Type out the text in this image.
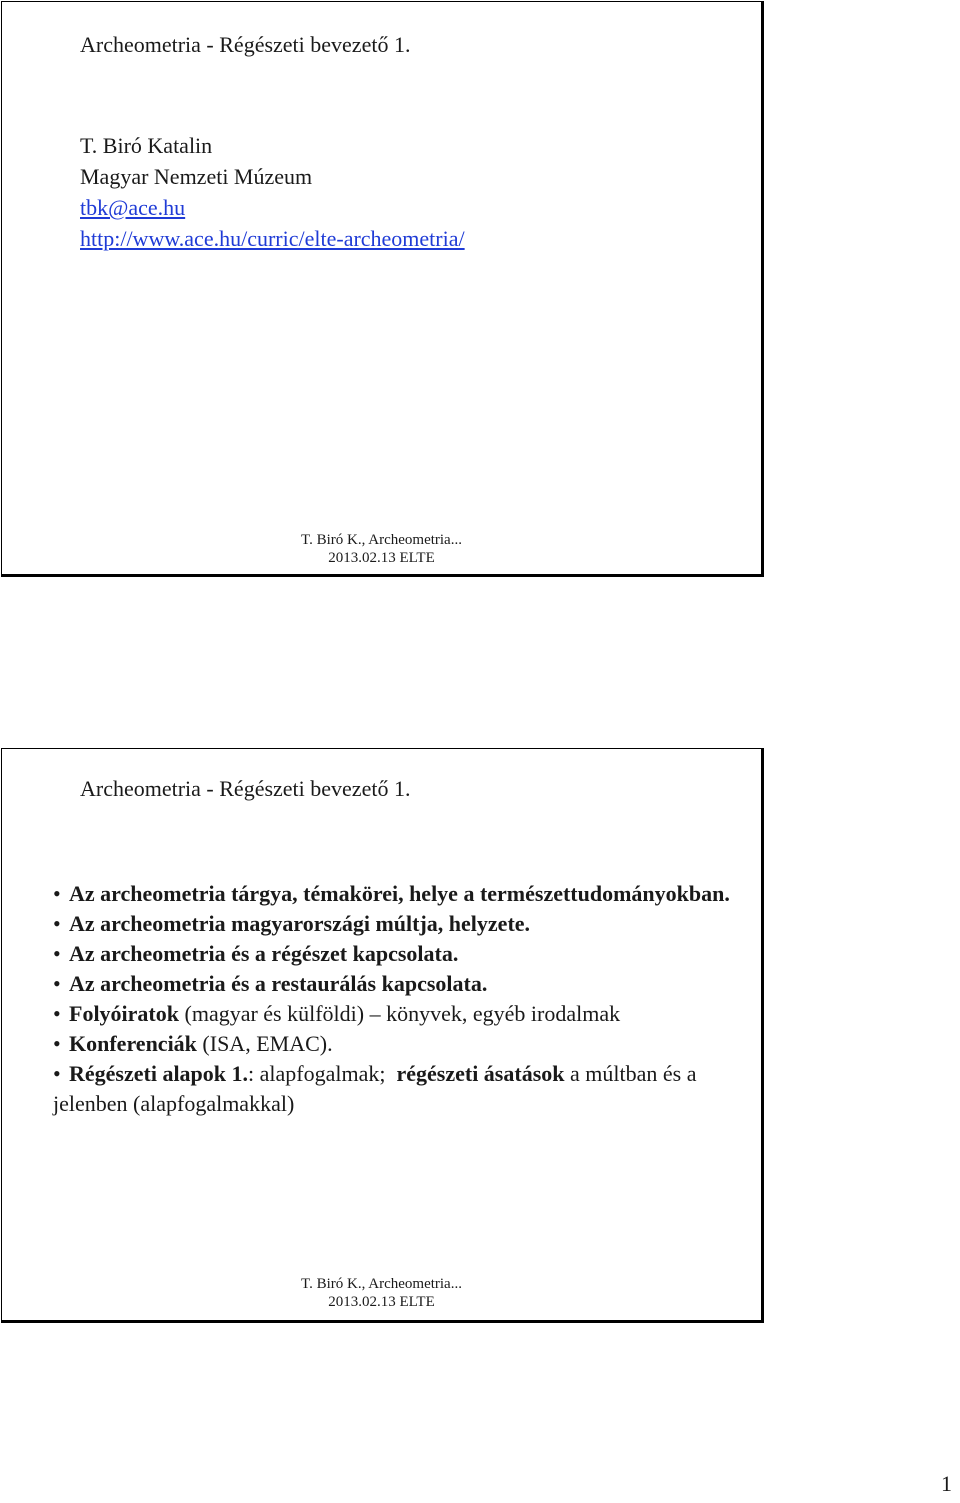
Archeometria - Régészeti bevezető 1.
T. Biró Katalin
Magyar Nemzeti Múzeum
tbk@ace.hu
http://www.ace.hu/curric/elte-archeometria/
T. Biró K., Archeometria...
2013.02.13 ELTE
Archeometria - Régészeti bevezető 1.
• Az archeometria tárgya, témakörei, helye a természettudományokban.
• Az archeometria magyarországi múltja, helyzete.
• Az archeometria és a régészet kapcsolata.
• Az archeometria és a restaurálás kapcsolata.
• Folyóiratok (magyar és külföldi) – könyvek, egyéb irodalmak
• Konferenciák (ISA, EMAC).
• Régészeti alapok 1.: alapfogalmak; régészeti ásatások a múltban és a jelenben (alapfogalmakkal)
T. Biró K., Archeometria...
2013.02.13 ELTE
1
